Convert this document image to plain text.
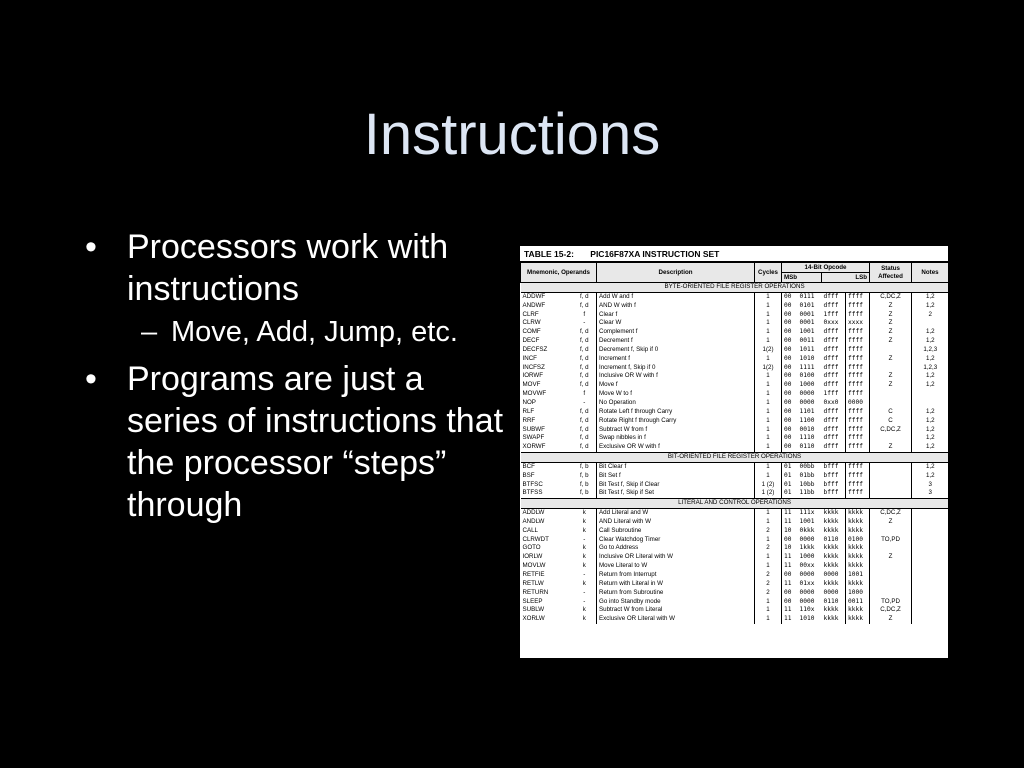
Instructions
• Processors work with instructions
– Move, Add, Jump, etc.
• Programs are just a series of instructions that the processor “steps” through
TABLE 15-2: PIC16F87XA INSTRUCTION SET
Mnemonic, Operands		Description	Cycles	14-Bit Opcode				Status Affected	Notes
				MSb		LSb			
BYTE-ORIENTED FILE REGISTER OPERATIONS									
ADDWF	f, d	Add W and f	1	00	0111	dfff	ffff	C,DC,Z	1,2
ANDWF	f, d	AND W with f	1	00	0101	dfff	ffff	Z	1,2
CLRF	f	Clear f	1	00	0001	1fff	ffff	Z	2
CLRW	-	Clear W	1	00	0001	0xxx	xxxx	Z	
COMF	f, d	Complement f	1	00	1001	dfff	ffff	Z	1,2
DECF	f, d	Decrement f	1	00	0011	dfff	ffff	Z	1,2
DECFSZ	f, d	Decrement f, Skip if 0	1(2)	00	1011	dfff	ffff		1,2,3
INCF	f, d	Increment f	1	00	1010	dfff	ffff	Z	1,2
INCFSZ	f, d	Increment f, Skip if 0	1(2)	00	1111	dfff	ffff		1,2,3
IORWF	f, d	Inclusive OR W with f	1	00	0100	dfff	ffff	Z	1,2
MOVF	f, d	Move f	1	00	1000	dfff	ffff	Z	1,2
MOVWF	f	Move W to f	1	00	0000	1fff	ffff		
NOP	-	No Operation	1	00	0000	0xx0	0000		
RLF	f, d	Rotate Left f through Carry	1	00	1101	dfff	ffff	C	1,2
RRF	f, d	Rotate Right f through Carry	1	00	1100	dfff	ffff	C	1,2
SUBWF	f, d	Subtract W from f	1	00	0010	dfff	ffff	C,DC,Z	1,2
SWAPF	f, d	Swap nibbles in f	1	00	1110	dfff	ffff		1,2
XORWF	f, d	Exclusive OR W with f	1	00	0110	dfff	ffff	Z	1,2
BIT-ORIENTED FILE REGISTER OPERATIONS									
BCF	f, b	Bit Clear f	1	01	00bb	bfff	ffff		1,2
BSF	f, b	Bit Set f	1	01	01bb	bfff	ffff		1,2
BTFSC	f, b	Bit Test f, Skip if Clear	1 (2)	01	10bb	bfff	ffff		3
BTFSS	f, b	Bit Test f, Skip if Set	1 (2)	01	11bb	bfff	ffff		3
LITERAL AND CONTROL OPERATIONS									
ADDLW	k	Add Literal and W	1	11	111x	kkkk	kkkk	C,DC,Z	
ANDLW	k	AND Literal with W	1	11	1001	kkkk	kkkk	Z	
CALL	k	Call Subroutine	2	10	0kkk	kkkk	kkkk		
CLRWDT	-	Clear Watchdog Timer	1	00	0000	0110	0100	TO,PD	
GOTO	k	Go to Address	2	10	1kkk	kkkk	kkkk		
IORLW	k	Inclusive OR Literal with W	1	11	1000	kkkk	kkkk	Z	
MOVLW	k	Move Literal to W	1	11	00xx	kkkk	kkkk		
RETFIE	-	Return from Interrupt	2	00	0000	0000	1001		
RETLW	k	Return with Literal in W	2	11	01xx	kkkk	kkkk		
RETURN	-	Return from Subroutine	2	00	0000	0000	1000		
SLEEP	-	Go into Standby mode	1	00	0000	0110	0011	TO,PD	
SUBLW	k	Subtract W from Literal	1	11	110x	kkkk	kkkk	C,DC,Z	
XORLW	k	Exclusive OR Literal with W	1	11	1010	kkkk	kkkk	Z	
